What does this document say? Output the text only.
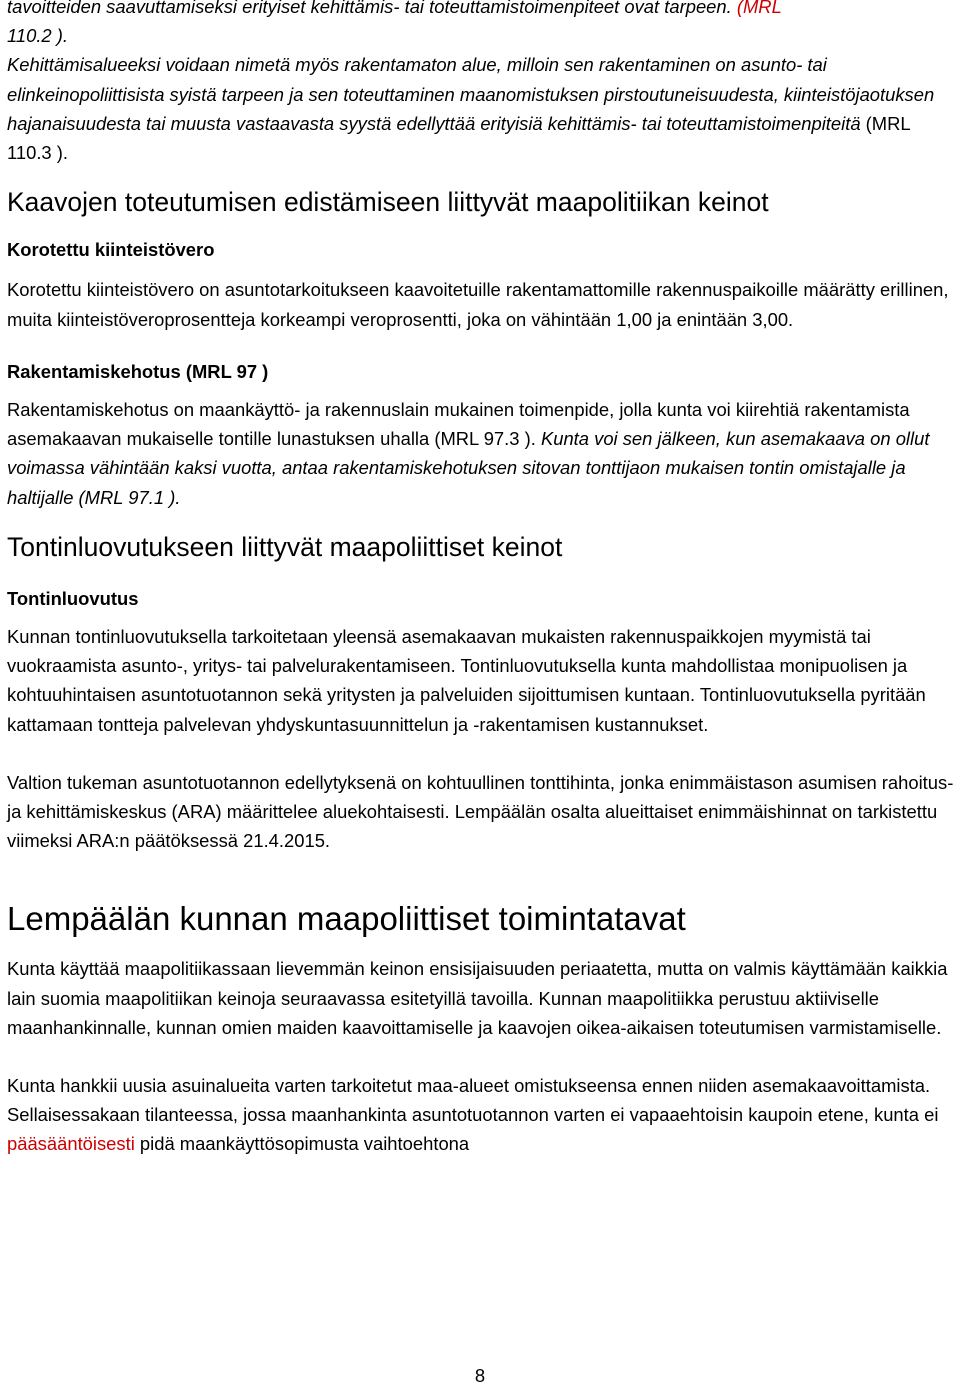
tavoitteiden saavuttamiseksi erityiset kehittämis- tai toteuttamistoimenpiteet ovat tarpeen. (MRL
110.2 ).

Kehittämisalueeksi voidaan nimetä myös rakentamaton alue, milloin sen rakentaminen on asunto- tai elinkeinopoliittisista syistä tarpeen ja sen toteuttaminen maanomistuksen pirstoutuneisuudesta, kiinteistöjaotuksen hajanaisuudesta tai muusta vastaavasta syystä edellyttää erityisiä kehittämis- tai toteuttamistoimenpiteitä (MRL 110.3 ).

Kaavojen toteutumisen edistämiseen liittyvät maapolitiikan keinot
Korotettu kiinteistövero

Korotettu kiinteistövero on asuntotarkoitukseen kaavoitetuille rakentamattomille rakennuspaikoille määrätty erillinen, muita kiinteistöveroprosentteja korkeampi veroprosentti, joka on vähintään 1,00 ja enintään 3,00.

Rakentamiskehotus (MRL 97 )

Rakentamiskehotus on maankäyttö- ja rakennuslain mukainen toimenpide, jolla kunta voi kiirehtiä rakentamista asemakaavan mukaiselle tontille lunastuksen uhalla (MRL 97.3 ). Kunta voi sen jälkeen, kun asemakaava on ollut voimassa vähintään kaksi vuotta, antaa rakentamiskehotuksen sitovan tonttijaon mukaisen tontin omistajalle ja haltijalle (MRL 97.1 ).

Tontinluovutukseen liittyvät maapoliittiset keinot
Tontinluovutus

Kunnan tontinluovutuksella tarkoitetaan yleensä asemakaavan mukaisten rakennuspaikkojen myymistä tai vuokraamista asunto-, yritys- tai palvelurakentamiseen. Tontinluovutuksella kunta mahdollistaa monipuolisen ja kohtuuhintaisen asuntotuotannon sekä yritysten ja palveluiden sijoittumisen kuntaan. Tontinluovutuksella pyritään kattamaan tontteja palvelevan yhdyskuntasuunnittelun ja -rakentamisen kustannukset.

Valtion tukeman asuntotuotannon edellytyksenä on kohtuullinen tonttihinta, jonka enimmäistason asumisen rahoitus- ja kehittämiskeskus (ARA) määrittelee aluekohtaisesti. Lempäälän osalta alueittaiset enimmäishinnat on tarkistettu viimeksi ARA:n päätöksessä 21.4.2015.

Lempäälän kunnan maapoliittiset toimintatavat

Kunta käyttää maapolitiikassaan lievemmän keinon ensisijaisuuden periaatetta, mutta on valmis käyttämään kaikkia lain suomia maapolitiikan keinoja seuraavassa esitetyillä tavoilla. Kunnan maapolitiikka perustuu aktiiviselle maanhankinnalle, kunnan omien maiden kaavoittamiselle ja kaavojen oikea-aikaisen toteutumisen varmistamiselle.

Kunta hankkii uusia asuinalueita varten tarkoitetut maa-alueet omistukseensa ennen niiden asemakaavoittamista. Sellaisessakaan tilanteessa, jossa maanhankinta asuntotuotannon varten ei vapaaehtoisin kaupoin etene, kunta ei pääsääntöisesti pidä maankäyttösopimusta vaihtoehtona

8
